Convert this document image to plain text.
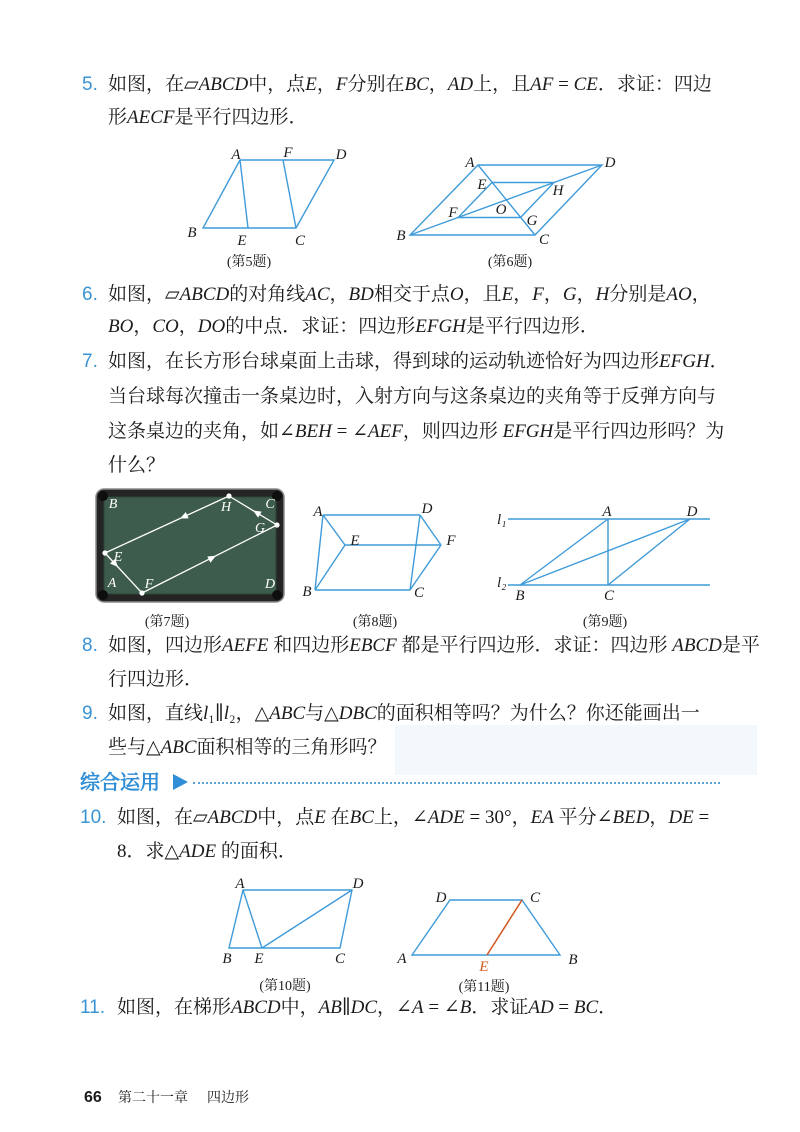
5. 如图，在▱ABCD中，点E，F分别在BC，AD上，且AF = CE．求证：四边
形AECF是平行四边形．
A	F	D
B	E	C
(第5题)
A	D
B	C
E	H
F	G
O
(第6题)
6. 如图，▱ABCD的对角线AC，BD相交于点O，且E，F，G，H分别是AO，
BO，CO，DO的中点．求证：四边形EFGH是平行四边形．
7. 如图，在长方形台球桌面上击球，得到球的运动轨迹恰好为四边形EFGH．
当台球每次撞击一条桌边时，入射方向与这条桌边的夹角等于反弹方向与
这条桌边的夹角，如∠BEH = ∠AEF，则四边形 EFGH是平行四边形吗？为
什么？
B	H C
G
E
A F	D
(第7题)
A	D
E	F
B	C
(第8题)
l₁
l₂
A	D
B	C
(第9题)
8. 如图，四边形AEFE 和四边形EBCF 都是平行四边形．求证：四边形 ABCD是平
行四边形．
9. 如图，直线l₁∥l₂，△ABC与△DBC的面积相等吗？为什么？你还能画出一
些与△ABC面积相等的三角形吗？
综合运用
10. 如图，在▱ABCD中，点E 在BC上，∠ADE = 30°，EA 平分∠BED，DE =
8．求△ADE 的面积．
A	D
B E	C
(第10题)
D	C
A	B
E
(第11题)
11. 如图，在梯形ABCD中，AB∥DC，∠A = ∠B．求证AD = BC．
66 第二十一章 四边形
